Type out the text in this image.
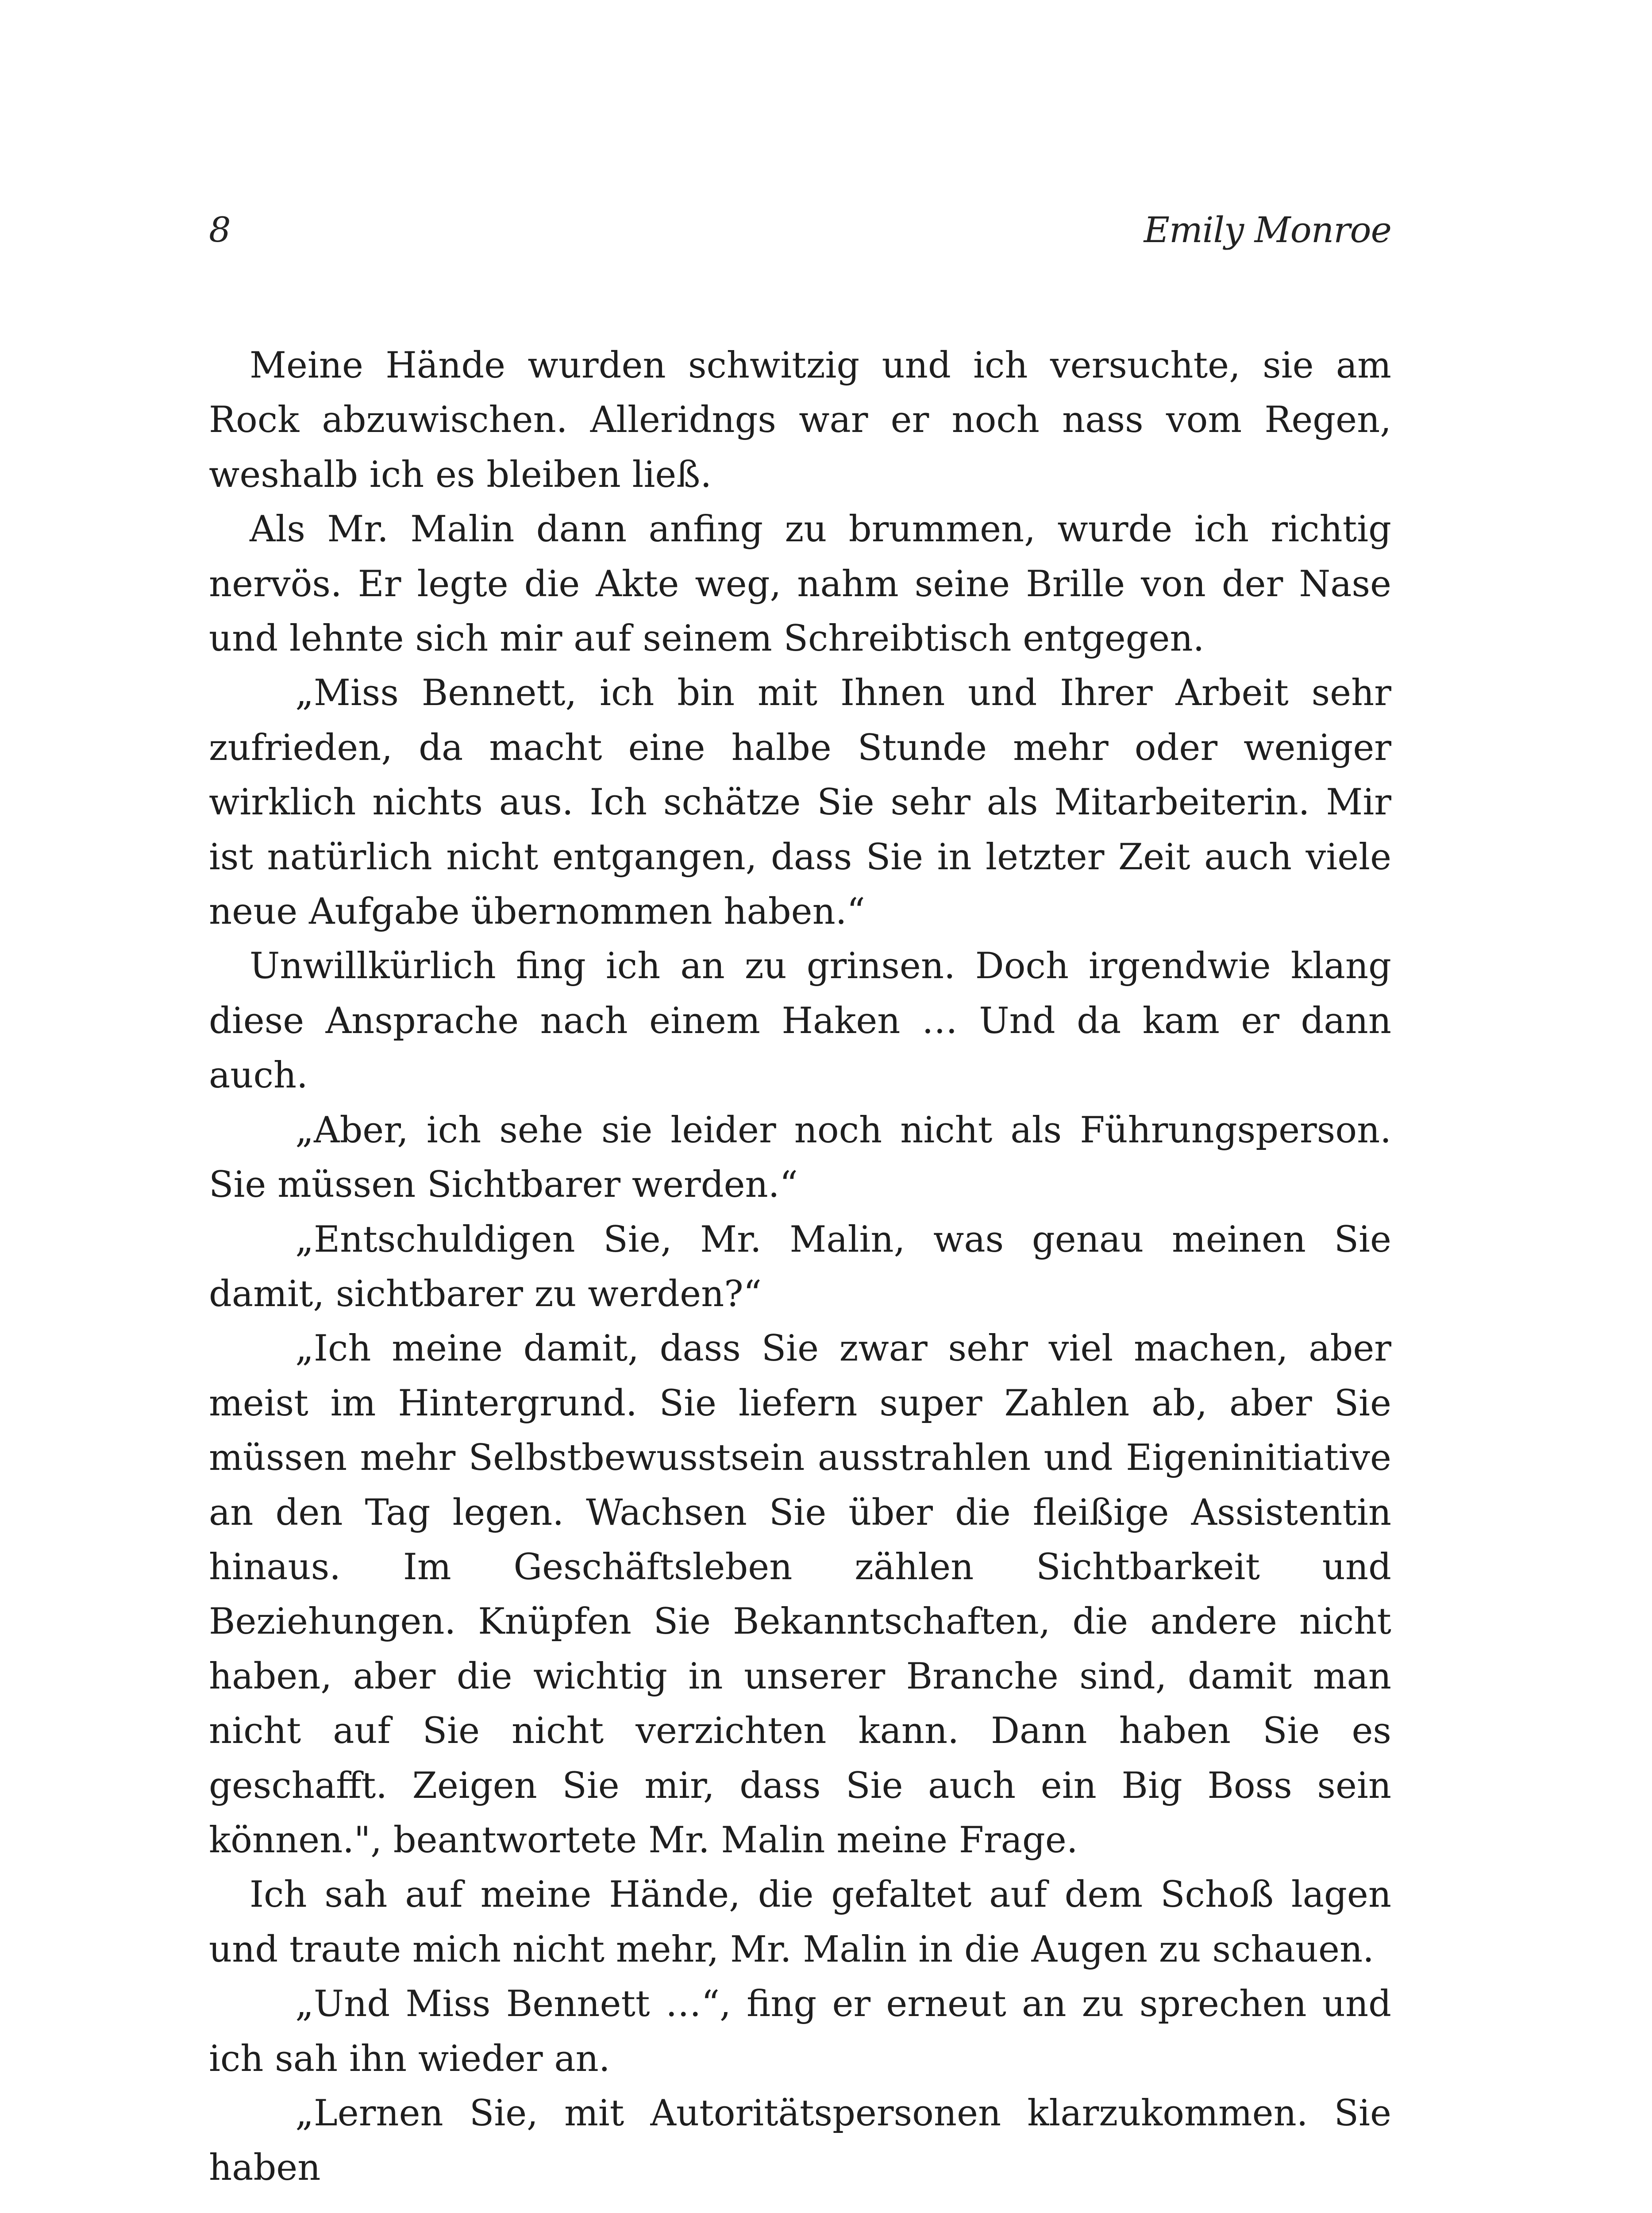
8	Emily Monroe

Meine Hände wurden schwitzig und ich versuchte, sie am Rock abzuwischen. Alleridngs war er noch nass vom Regen, weshalb ich es bleiben ließ.

Als Mr. Malin dann anfing zu brummen, wurde ich richtig nervös. Er legte die Akte weg, nahm seine Brille von der Nase und lehnte sich mir auf seinem Schreibtisch entgegen.

„Miss Bennett, ich bin mit Ihnen und Ihrer Arbeit sehr zufrieden, da macht eine halbe Stunde mehr oder weniger wirklich nichts aus. Ich schätze Sie sehr als Mitarbeiterin. Mir ist natürlich nicht entgangen, dass Sie in letzter Zeit auch viele neue Aufgabe übernommen haben.“

Unwillkürlich fing ich an zu grinsen. Doch irgendwie klang diese Ansprache nach einem Haken … Und da kam er dann auch.

„Aber, ich sehe sie leider noch nicht als Führungsperson. Sie müssen Sichtbarer werden.“

„Entschuldigen Sie, Mr. Malin, was genau meinen Sie damit, sichtbarer zu werden?“

„Ich meine damit, dass Sie zwar sehr viel machen, aber meist im Hintergrund. Sie liefern super Zahlen ab, aber Sie müssen mehr Selbstbewusstsein ausstrahlen und Eigeninitiative an den Tag legen. Wachsen Sie über die fleißige Assistentin hinaus. Im Geschäftsleben zählen Sichtbarkeit und Beziehungen. Knüpfen Sie Bekanntschaften, die andere nicht haben, aber die wichtig in unserer Branche sind, damit man nicht auf Sie nicht verzichten kann. Dann haben Sie es geschafft. Zeigen Sie mir, dass Sie auch ein Big Boss sein können.", beantwortete Mr. Malin meine Frage.

Ich sah auf meine Hände, die gefaltet auf dem Schoß lagen und traute mich nicht mehr, Mr. Malin in die Augen zu schauen.

„Und Miss Bennett …“, fing er erneut an zu sprechen und ich sah ihn wieder an.

„Lernen Sie, mit Autoritätspersonen klarzukommen. Sie haben
